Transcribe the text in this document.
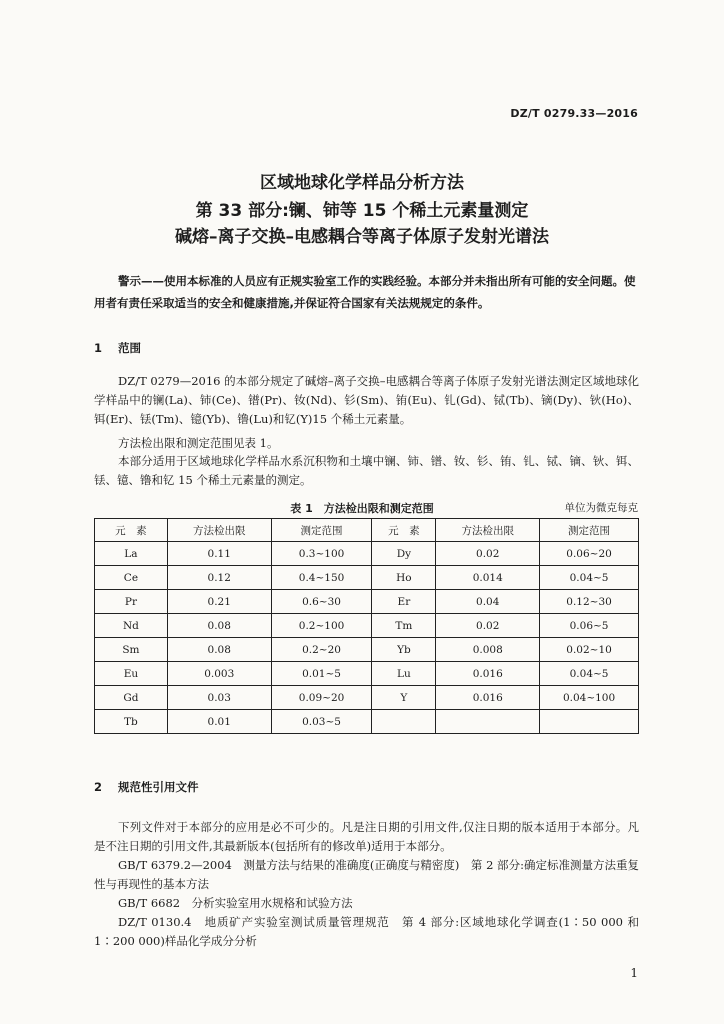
DZ/T 0279.33—2016
区域地球化学样品分析方法
第 33 部分:镧、铈等 15 个稀土元素量测定
碱熔–离子交换–电感耦合等离子体原子发射光谱法
警示——使用本标准的人员应有正规实验室工作的实践经验。本部分并未指出所有可能的安全问题。使用者有责任采取适当的安全和健康措施,并保证符合国家有关法规规定的条件。
1 范围
DZ/T 0279—2016 的本部分规定了碱熔–离子交换–电感耦合等离子体原子发射光谱法测定区域地球化学样品中的镧(La)、铈(Ce)、镨(Pr)、钕(Nd)、钐(Sm)、铕(Eu)、钆(Gd)、铽(Tb)、镝(Dy)、钬(Ho)、铒(Er)、铥(Tm)、镱(Yb)、镥(Lu)和钇(Y)15 个稀土元素量。
方法检出限和测定范围见表 1。
本部分适用于区域地球化学样品水系沉积物和土壤中镧、铈、镨、钕、钐、铕、钆、铽、镝、钬、铒、铥、镱、镥和钇 15 个稀土元素量的测定。
表 1　方法检出限和测定范围	单位为微克每克
元　素	方法检出限	测定范围	元　素	方法检出限	测定范围
La	0.11	0.3~100	Dy	0.02	0.06~20
Ce	0.12	0.4~150	Ho	0.014	0.04~5
Pr	0.21	0.6~30	Er	0.04	0.12~30
Nd	0.08	0.2~100	Tm	0.02	0.06~5
Sm	0.08	0.2~20	Yb	0.008	0.02~10
Eu	0.003	0.01~5	Lu	0.016	0.04~5
Gd	0.03	0.09~20	Y	0.016	0.04~100
Tb	0.01	0.03~5			
2 规范性引用文件

下列文件对于本部分的应用是必不可少的。凡是注日期的引用文件,仅注日期的版本适用于本部分。凡是不注日期的引用文件,其最新版本(包括所有的修改单)适用于本部分。

GB/T 6379.2—2004　测量方法与结果的准确度(正确度与精密度)　第 2 部分:确定标准测量方法重复性与再现性的基本方法

GB/T 6682　分析实验室用水规格和试验方法

DZ/T 0130.4　地质矿产实验室测试质量管理规范　第 4 部分:区域地球化学调查(1∶50 000 和 1∶200 000)样品化学成分分析

1
